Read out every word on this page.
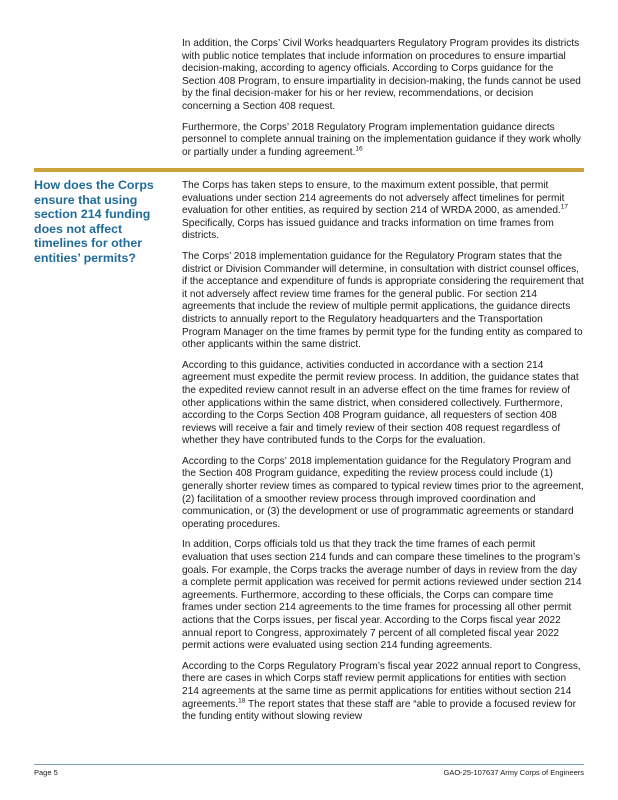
In addition, the Corps’ Civil Works headquarters Regulatory Program provides its districts with public notice templates that include information on procedures to ensure impartial decision-making, according to agency officials. According to Corps guidance for the Section 408 Program, to ensure impartiality in decision-making, the funds cannot be used by the final decision-maker for his or her review, recommendations, or decision concerning a Section 408 request.

Furthermore, the Corps’ 2018 Regulatory Program implementation guidance directs personnel to complete annual training on the implementation guidance if they work wholly or partially under a funding agreement.$^{16}$

How does the Corps ensure that using section 214 funding does not affect timelines for other entities’ permits?

The Corps has taken steps to ensure, to the maximum extent possible, that permit evaluations under section 214 agreements do not adversely affect timelines for permit evaluation for other entities, as required by section 214 of WRDA 2000, as amended.$^{17}$ Specifically, Corps has issued guidance and tracks information on time frames from districts.

The Corps’ 2018 implementation guidance for the Regulatory Program states that the district or Division Commander will determine, in consultation with district counsel offices, if the acceptance and expenditure of funds is appropriate considering the requirement that it not adversely affect review time frames for the general public. For section 214 agreements that include the review of multiple permit applications, the guidance directs districts to annually report to the Regulatory headquarters and the Transportation Program Manager on the time frames by permit type for the funding entity as compared to other applicants within the same district.

According to this guidance, activities conducted in accordance with a section 214 agreement must expedite the permit review process. In addition, the guidance states that the expedited review cannot result in an adverse effect on the time frames for review of other applications within the same district, when considered collectively. Furthermore, according to the Corps Section 408 Program guidance, all requesters of section 408 reviews will receive a fair and timely review of their section 408 request regardless of whether they have contributed funds to the Corps for the evaluation.

According to the Corps’ 2018 implementation guidance for the Regulatory Program and the Section 408 Program guidance, expediting the review process could include (1) generally shorter review times as compared to typical review times prior to the agreement, (2) facilitation of a smoother review process through improved coordination and communication, or (3) the development or use of programmatic agreements or standard operating procedures.

In addition, Corps officials told us that they track the time frames of each permit evaluation that uses section 214 funds and can compare these timelines to the program’s goals. For example, the Corps tracks the average number of days in review from the day a complete permit application was received for permit actions reviewed under section 214 agreements. Furthermore, according to these officials, the Corps can compare time frames under section 214 agreements to the time frames for processing all other permit actions that the Corps issues, per fiscal year. According to the Corps fiscal year 2022 annual report to Congress, approximately 7 percent of all completed fiscal year 2022 permit actions were evaluated using section 214 funding agreements.

According to the Corps Regulatory Program’s fiscal year 2022 annual report to Congress, there are cases in which Corps staff review permit applications for entities with section 214 agreements at the same time as permit applications for entities without section 214 agreements.$^{18}$ The report states that these staff are “able to provide a focused review for the funding entity without slowing review

Page 5	GAO-25-107637 Army Corps of Engineers
